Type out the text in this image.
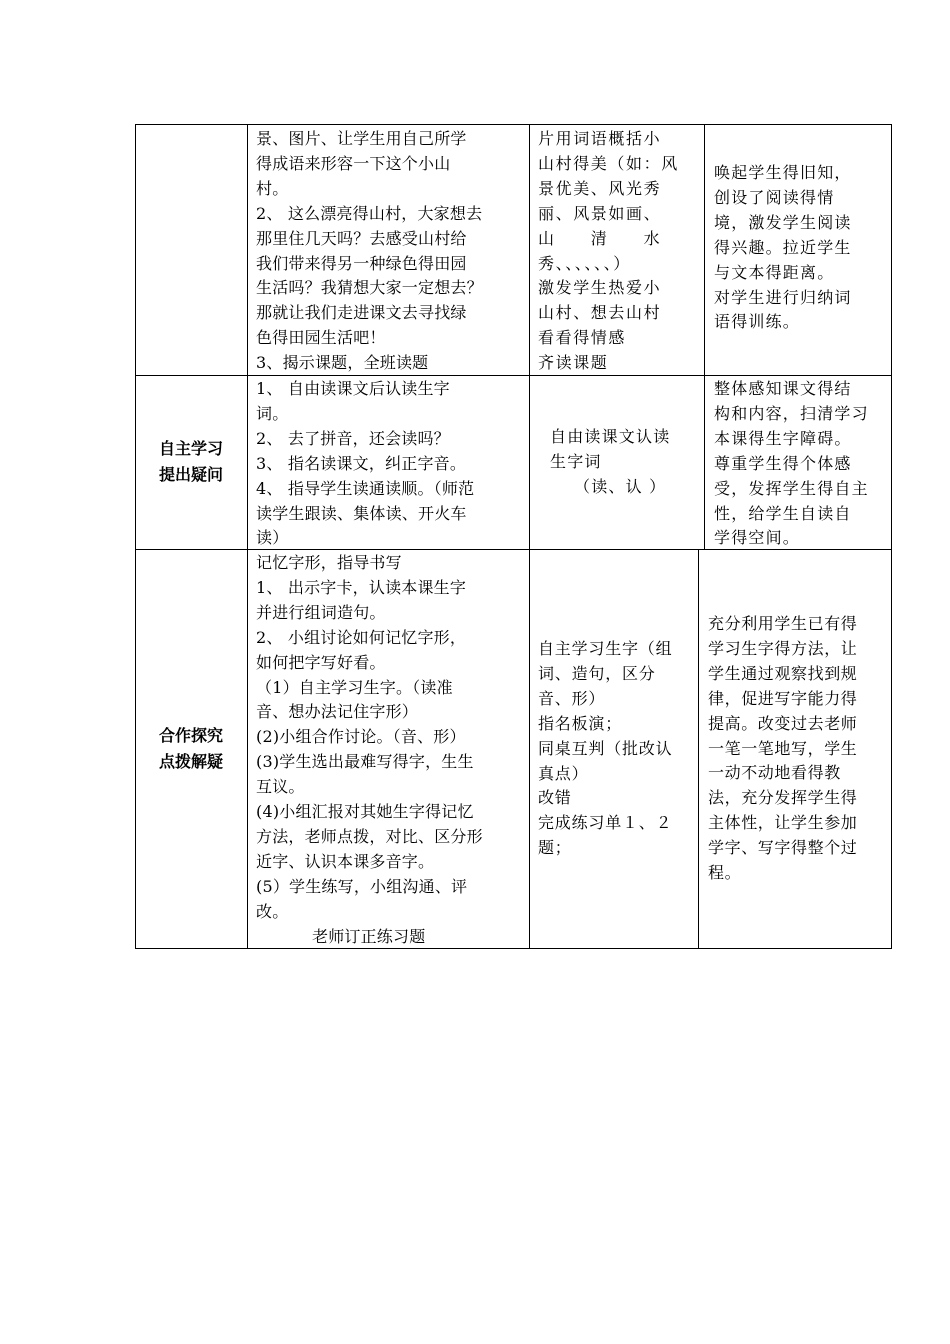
景、图片、让学生用自己所学
得成语来形容一下这个小山
村。
2、 这么漂亮得山村，大家想去
那里住几天吗？去感受山村给
我们带来得另一种绿色得田园
生活吗？我猜想大家一定想去？
那就让我们走进课文去寻找绿
色得田园生活吧！
3、揭示课题，全班读题
片用词语概括小
山村得美（如：风
景优美、风光秀
丽、风景如画、
山　　清　　水
秀、、、、、、）
激发学生热爱小
山村、想去山村
看看得情感
齐读课题
唤起学生得旧知，
创设了阅读得情
境，激发学生阅读
得兴趣。拉近学生
与文本得距离。
对学生进行归纳词
语得训练。
自主学习
提出疑问
1、 自由读课文后认读生字
词。
2、 去了拼音，还会读吗？
3、 指名读课文，纠正字音。
4、 指导学生读通读顺。（师范
读学生跟读、集体读、开火车
读）
自由读课文认读
生字词
（读、认 ）
整体感知课文得结
构和内容，扫清学习
本课得生字障碍。
尊重学生得个体感
受，发挥学生得自主
性，给学生自读自
学得空间。
合作探究
点拨解疑
记忆字形，指导书写
1、 出示字卡，认读本课生字
并进行组词造句。
2、 小组讨论如何记忆字形，
如何把字写好看。
（1）自主学习生字。（读准
音、想办法记住字形）
(2)小组合作讨论。（音、形）
(3)学生选出最难写得字，生生
互议。
(4)小组汇报对其她生字得记忆
方法，老师点拨，对比、区分形
近字、认识本课多音字。
(5）学生练写，小组沟通、评
改。
老师订正练习题
自主学习生字（组
词、造句，区分
音、形）
指名板演；
同桌互判（批改认
真点）
改错
完成练习单１、２
题；
充分利用学生已有得
学习生字得方法，让
学生通过观察找到规
律，促进写字能力得
提高。改变过去老师
一笔一笔地写，学生
一动不动地看得教
法，充分发挥学生得
主体性，让学生参加
学字、写字得整个过
程。
